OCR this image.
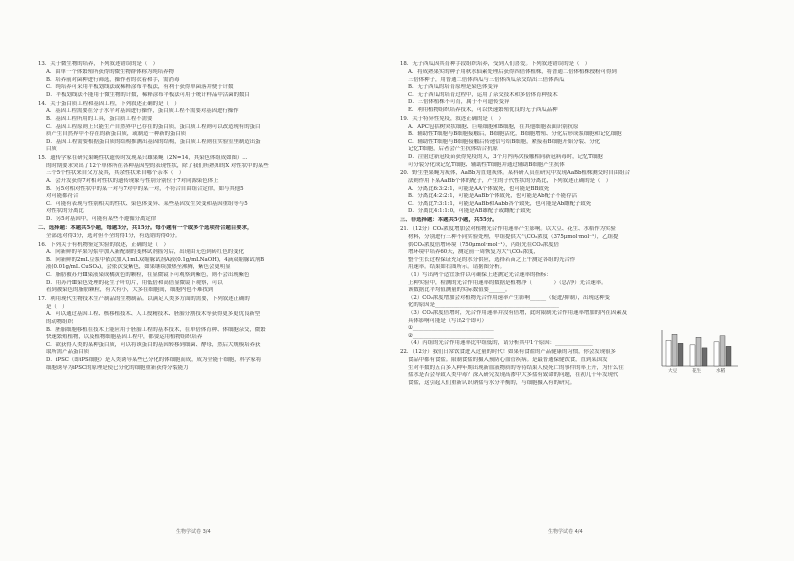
13．关于微生物的培养，下列叙述错误的是（　）

A．由单一个体繁殖所获得的微生物群体称为纯培养物

B．培养前对菌种进行筛选，操作者的衣着和手，需消毒

C．纯培养可采用平板划线法或稀释涂布平板法，有利于获得单菌落并便于计数

D．平板划线法不能用于微生物的计数，稀释涂布平板法可用于统计样品中活菌的数目

14．关于蛋白质工程和基因工程，下列叙述正确的是（　）

A．基因工程需要在分子水平对基因进行操作，蛋白质工程不需要对基因进行操作

B．基因工程所用的工具，蛋白质工程不需要

C．基因工程原则上只能生产自然界中已存在的蛋白质，蛋白质工程则可以改造现有的蛋白

质产生自然界中不存在的新蛋白质，或制造一种新的蛋白质

D．基因工程需要根据蛋白质的结构推测出基因的结构，蛋白质工程则在实验室里制造出蛋

白质

15．遗传学家在研究果蝇性状遗传时发现某只雄果蝇（2N=14，其染色体组成如图）...

的时期要求突出了12个单体所在各种基因型的表现性状，除了我们所熟知的X 对性状中的某些

三个5个性状来自父方及其，其余性状来自哪个亲本（　）

A．会开发获得7对相对性状的遗传现象与性别分别位于7对同源染色体上

B．另5对相对性状中的某一对与7对中的某一对，不符合自由组合定律，如与其他5

对可能都符合

C．可能有表现与性别相关的性状、染色体变异、某些基因发生突变和基因重组等与5

对性状的分离比

D．另5对基因中，可能有某些不遵循分离定律

二、选择题：本题共5小题，每题3分，共15分。每小题有一个或多个选项符合题目要求，

全部选对得3分，选对但不全的得1分，有选错的得0分。

16．下列关于有机物鉴定实验的叙述，正确的是（　）

A．向新鲜的苹果匀浆中加入新配制的斐林试剂摇匀后，出现由无色到砖红色的变化

B．向新鲜的2mL豆浆中依次加入1mL双缩脲试剂A液(0.1g/mLNaOH)，4滴双缩脲试剂B

液(0.01g/mL CuSO₄)，会依次变紫色，如果继续加热至沸腾，紫色会更明显

C．脂肪被苏丹Ⅲ染液染成橘黄色的颗粒，在显微镜下可观察到紫色，则不会出现紫色

D．用苏丹Ⅲ染色处理的花生子叶切片，用低倍和高倍显微镜下观察，可以

看到被染色的脂肪颗粒，有大有小，大多在细胞间，细胞内也不难找到

17．利用现代生物技术生产制品的生物制品。以满足人类多方面的需要，下列叙述正确的

是（　）

A．可以通过基因工程、核移植技术、人工授精技术、胚胎分割技术等获得更多更优良新型

的动物组织

B．胚胎细胞移植在技术上能应用于胚胎工程的基本技术，在单倍体育种、体细胞杂交，微繁

快速繁殖植物，以及植物细胞基因工程中，都要运用植物组织培养

C．欲获得人类的某种蛋白质，可以将该蛋白的基因转移到细菌、酵母，然后大规模培养获

取所需产品蛋白质

D．iPSC（即iPS细胞）是人类诱导某些已分化的体细胞而成，成为全能干细胞，科学家将

细胞诱导为iPSC的原理是使已分化的细胞重新获得分裂能力

18．无子西瓜因其育种手段组织培养，受到人们喜爱。下列叙述错误的是（　）

A．将成熟果实的种子用秋水仙素处理后获得四倍体植株，将普通二倍体植株授粉可得到

三倍体种子，用普通二倍体西瓜与三倍体西瓜杂交结出三倍体西瓜

B．无子西瓜的培育原理是染色体变异

C．无子西瓜的培育过程中，运用了杂交技术和多倍体育种技术

D．三倍体植株不可育，属于不可遗传变异

E．利用植物组织培养技术，可以快速繁殖优良的无子西瓜品种

19．关于特异性免疫，叙述正确的是（　）

A．APC包括树突状细胞、巨噬细胞和B细胞，在其他细胞表面识别抗原

B．辅助性T细胞与B细胞接触后，B细胞活化，B细胞增殖、分化后形成浆细胞和记忆细胞

C．辅助性T细胞与B细胞接触后传递信号给B细胞，紧接着B细胞开始分裂、分化

记忆T细胞，后者会产生抗体结合抗原

D．注射过新冠疫苗获得免疫的人，3个月内再次接触相同新冠病毒时，记忆T细胞

可分裂分化成记忆T细胞、辅助性T细胞并通过辅助B细胞产生抗体

20．野生型果蝇为灰体，AaBb为直翅灰体。某科研人员在研究中发现AaBb植株测交时自由组合

法则作用下某AaBb个体的配子，产生的子代性状的分离比，下列叙述正确的是（　）

A．分离比6:3:2:1，可能是AA个体致死，也可能是BB致死

B．分离比4:2:2:1，可能是AaBb个体致死，也可能是Ab配子不能存活

C．分离比7:3:1:1，可能是AaBb和Aabb各个致死，也可能是Ab雌配子致死

D．分离比4:1:1:0，可能是AB雄配子或雌配子致死

三、非选择题：本题共5小题，共55分。

21．（12分）CO₂浓度增加会对植物光合作用速率产生影响。以大豆、花生、水稻作为实验

材料，分别进行三种不同实验处理，甲组提供大气CO₂浓度（375μmol·mol⁻¹），乙组提

供CO₂浓度倍增环境（750μmol·mol⁻¹），丙组先在CO₂浓度倍

增环境中培养60天，测定前一周恢复为大气CO₂浓度，

整个生长过程保证充足的水分供应，选择若苗之上午测定各组的光合作

用速率。结果如右图所示。请据图分析。

（1）写出两个适宜条件以可确保上述测定光合速率的指标：

上种实验中，检测的光合作用速率的数据是植物净（　　　　）（总/净）光合速率。

该数据比平均值测量的实际数值要______。

（2）CO₂浓度增加会对植物光合作用速率产生影响______（促进/抑制），出现这种变

化的原因是______________________________________________

（3）CO₂浓度倍增时，光合作用速率并没有倍增，此时限制光合作用速率增加的内在因素及

具体影响可能是（写出2个即可）

①______________________________

②______________________________

（4）丙组的光合作用速率比甲组低的，请分析其中1个原因：______________

22．（12分）我们日常饮食进入过量的时代！如果有食盐的产品健康的习惯，你会发现很多

食品中都有食盐。限制食盐的摄入预防心血管疾病。是最普通保健饮食，直到某国发

生对半数的五百多人种年期出现新血液物质的等待结果人使死亡的事件的率上升，为什么往

盐水是否会导致人类中毒？深入研究发现高渗中大多盐有致命的问题，在初几十年发现代

食盐，这引起人们重新认识钠盐与水分平衡的，与细胞摄入有的研究。

大豆	花生	水稻
生物学试卷 3/4	生物学试卷 4/4
